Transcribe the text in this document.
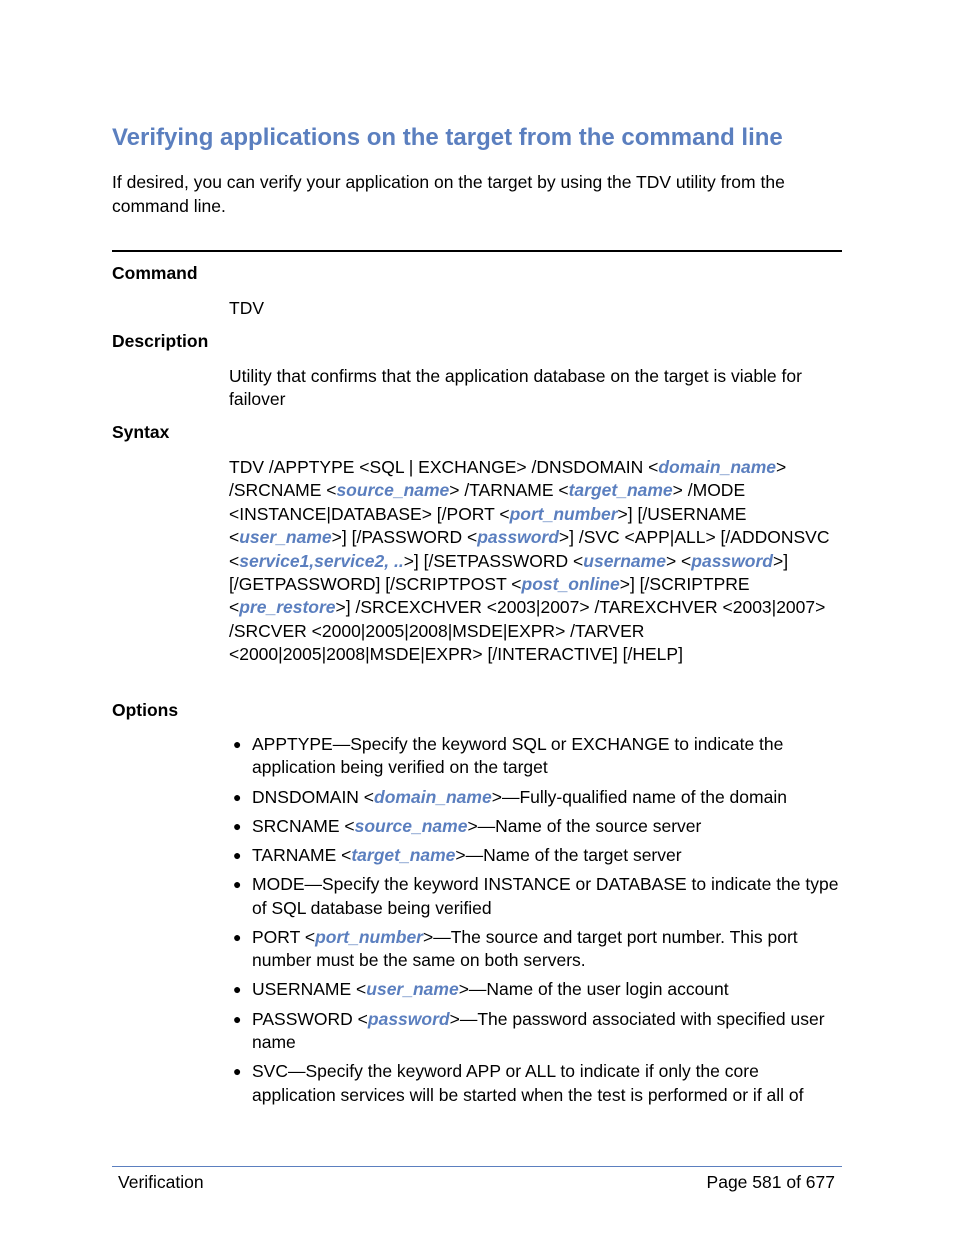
Verifying applications on the target from the command line
If desired, you can verify your application on the target by using the TDV utility from the command line.
Command
TDV
Description
Utility that confirms that the application database on the target is viable for failover
Syntax
TDV /APPTYPE <SQL | EXCHANGE> /DNSDOMAIN <domain_name> /SRCNAME <source_name> /TARNAME <target_name> /MODE <INSTANCE|DATABASE> [/PORT <port_number>] [/USERNAME <user_name>] [/PASSWORD <password>] /SVC <APP|ALL> [/ADDONSVC <service1,service2, ..>] [/SETPASSWORD <username> <password>] [/GETPASSWORD] [/SCRIPTPOST <post_online>] [/SCRIPTPRE <pre_restore>] /SRCEXCHVER <2003|2007> /TAREXCHVER <2003|2007> /SRCVER <2000|2005|2008|MSDE|EXPR> /TARVER <2000|2005|2008|MSDE|EXPR> [/INTERACTIVE] [/HELP]
Options
● APPTYPE—Specify the keyword SQL or EXCHANGE to indicate the application being verified on the target
● DNSDOMAIN <domain_name>—Fully-qualified name of the domain
● SRCNAME <source_name>—Name of the source server
● TARNAME <target_name>—Name of the target server
● MODE—Specify the keyword INSTANCE or DATABASE to indicate the type of SQL database being verified
● PORT <port_number>—The source and target port number. This port number must be the same on both servers.
● USERNAME <user_name>—Name of the user login account
● PASSWORD <password>—The password associated with specified user name
● SVC—Specify the keyword APP or ALL to indicate if only the core application services will be started when the test is performed or if all of
Verification	Page 581 of 677
